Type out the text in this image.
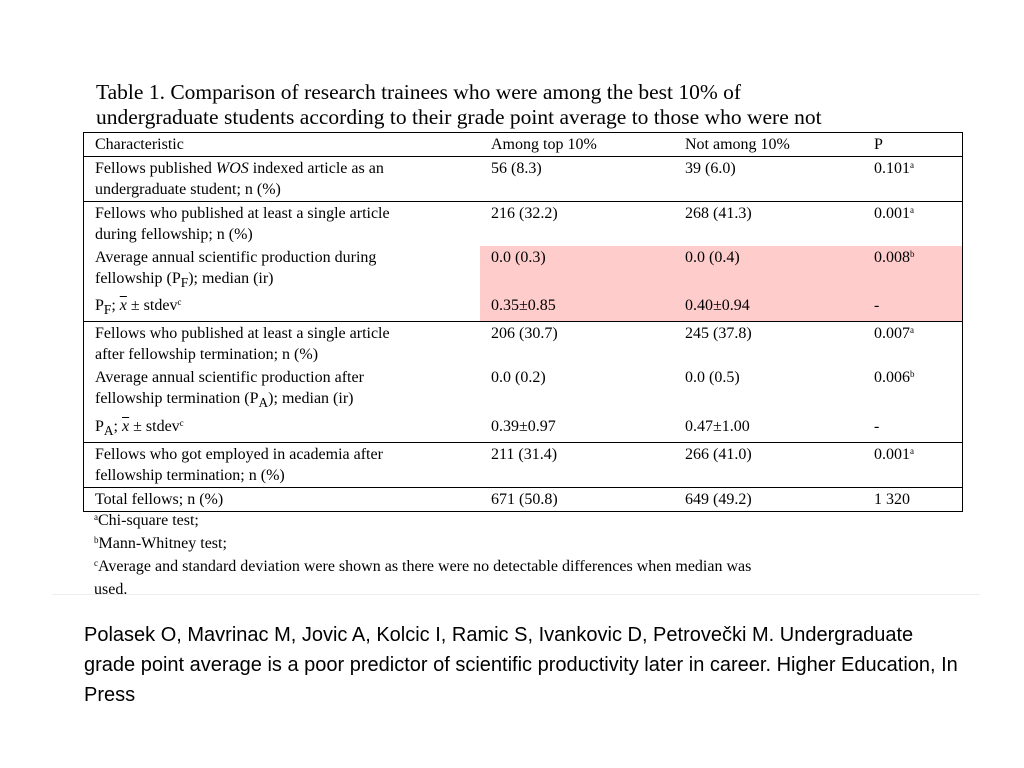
Table 1. Comparison of research trainees who were among the best 10% of
undergraduate students according to their grade point average to those who were not
Characteristic	Among top 10%	Not among 10%	P

Fellows published WOS indexed article as an
undergraduate student; n (%)	56 (8.3)	39 (6.0)	0.101$^a$

Fellows who published at least a single article
during fellowship; n (%)	216 (32.2)	268 (41.3)	0.001$^a$

Average annual scientific production during
fellowship $(P_F)$; median (ir)	0.0 (0.3)	0.0 (0.4)	0.008$^b$
$P_F$; $\overline{x}$ ± stdev$^c$	0.35±0.85	0.40±0.94	-

Fellows who published at least a single article
after fellowship termination; n (%)	206 (30.7)	245 (37.8)	0.007$^a$

Average annual scientific production after
fellowship termination $(P_A)$; median (ir)	0.0 (0.2)	0.0 (0.5)	0.006$^b$
$P_A$; $\overline{x}$ ± stdev$^c$	0.39±0.97	0.47±1.00	-

Fellows who got employed in academia after
fellowship termination; n (%)	211 (31.4)	266 (41.0)	0.001$^a$
Total fellows; n (%)	671 (50.8)	649 (49.2)	1 320
$^a$Chi-square test;
$^b$Mann-Whitney test;
$^c$Average and standard deviation were shown as there were no detectable differences when median was
used.
Polasek O, Mavrinac M, Jovic A, Kolcic I, Ramic S, Ivankovic D, Petrovečki M. Undergraduate grade point average is a poor predictor of scientific productivity later in career. Higher Education, In Press
